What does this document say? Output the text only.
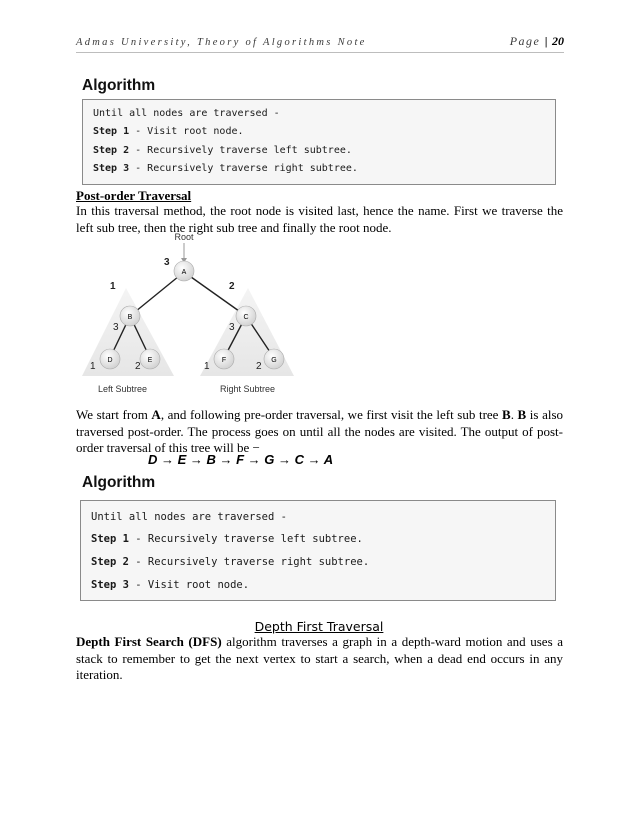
Admas University, Theory of Algorithms Note	Page | 20
Algorithm
Until all nodes are traversed -
Step 1 - Visit root node.
Step 2 - Recursively traverse left subtree.
Step 3 - Recursively traverse right subtree.
Post-order Traversal
In this traversal method, the root node is visited last, hence the name. First we traverse the left sub tree, then the right sub tree and finally the root node.
A
B	C
D	E	F	G
Root
3
1	2
3	3
1	2	1	2
Left Subtree	Right Subtree
We start from A, and following pre-order traversal, we first visit the left sub tree B. B is also traversed post-order. The process goes on until all the nodes are visited. The output of post-order traversal of this tree will be −
D → E → B → F → G → C → A
Algorithm
Until all nodes are traversed -
Step 1 - Recursively traverse left subtree.
Step 2 - Recursively traverse right subtree.
Step 3 - Visit root node.
Depth First Traversal
Depth First Search (DFS) algorithm traverses a graph in a depth-ward motion and uses a stack to remember to get the next vertex to start a search, when a dead end occurs in any iteration.
